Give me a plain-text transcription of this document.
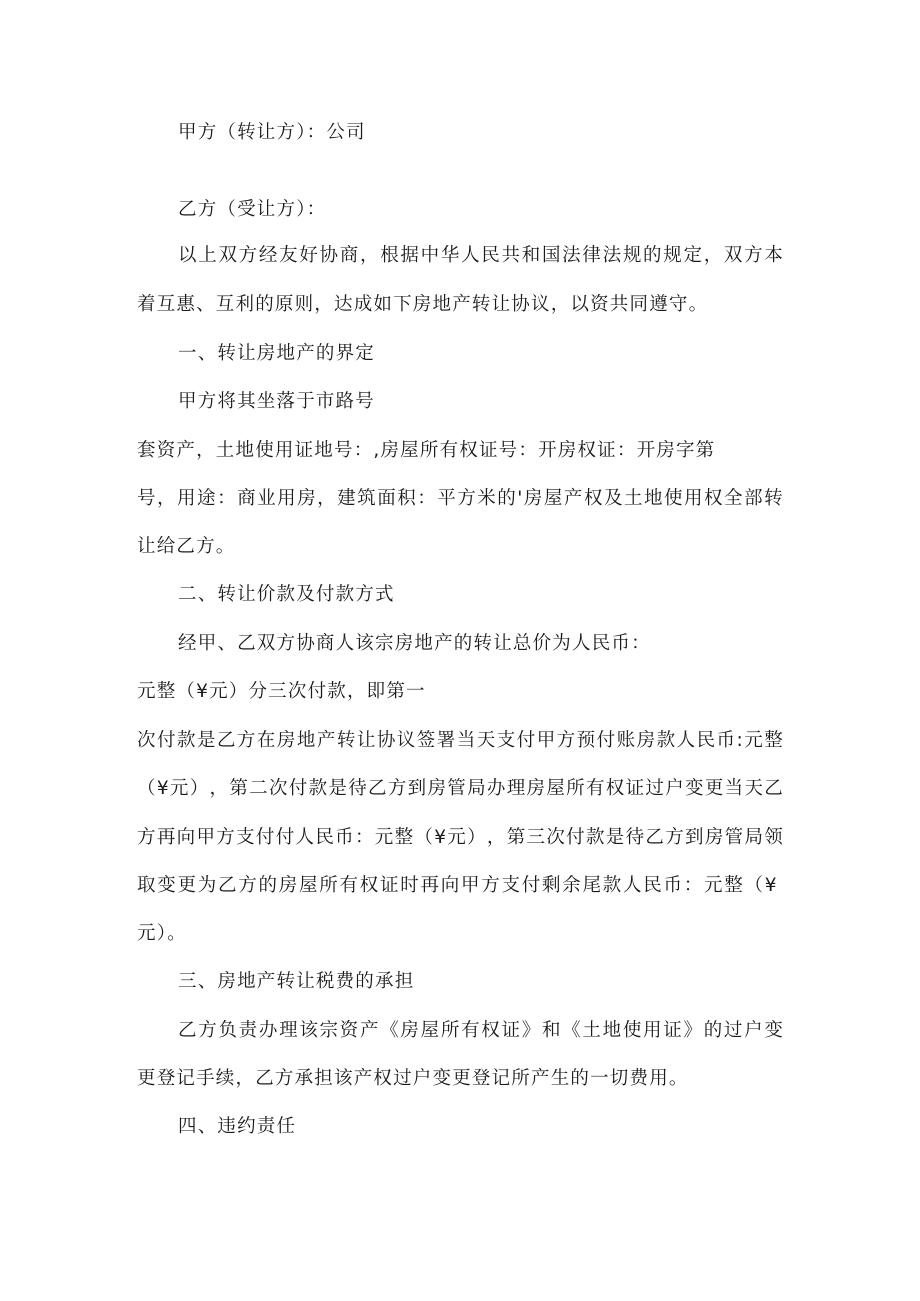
甲方（转让方）：公司
乙方（受让方）：
以 上 双 方 经 友 好 协 商 ， 根 据 中 华 人 民 共 和 国 法 律 法 规 的 规 定 ， 双 方 本
着互惠、互利的原则，达成如下房地产转让协议，以资共同遵守。
一、转让房地产的界定
甲方将其坐落于市路号
套资产，土地使用证地号：,房屋所有权证号：开房权证：开房字第
号 ， 用 途 ： 商 业 用 房 ， 建 筑 面 积 ： 平 方 米 的 ' 房 屋 产 权 及 土 地 使 用 权 全 部 转
让给乙方。
二、转让价款及付款方式
经甲、乙双方协商人该宗房地产的转让总价为人民币：
元整（¥元）分三次付款，即第一
次 付 款 是 乙 方 在 房 地 产 转 让 协 议 签 署 当 天 支 付 甲 方 预 付 账 房 款 人 民 币 : 元 整
（ ¥ 元 ） ， 第 二 次 付 款 是 待 乙 方 到 房 管 局 办 理 房 屋 所 有 权 证 过 户 变 更 当 天 乙
方 再 向 甲 方 支 付 付 人 民 币 ： 元 整 （ ¥ 元 ） ， 第 三 次 付 款 是 待 乙 方 到 房 管 局 领
取 变 更 为 乙 方 的 房 屋 所 有 权 证 时 再 向 甲 方 支 付 剩 余 尾 款 人 民 币 ： 元 整 （ ¥
元）。
三、房地产转让税费的承担
乙 方 负 责 办 理 该 宗 资 产 《 房 屋 所 有 权 证 》 和 《 土 地 使 用 证 》 的 过 户 变
更登记手续，乙方承担该产权过户变更登记所产生的一切费用。
四、违约责任
